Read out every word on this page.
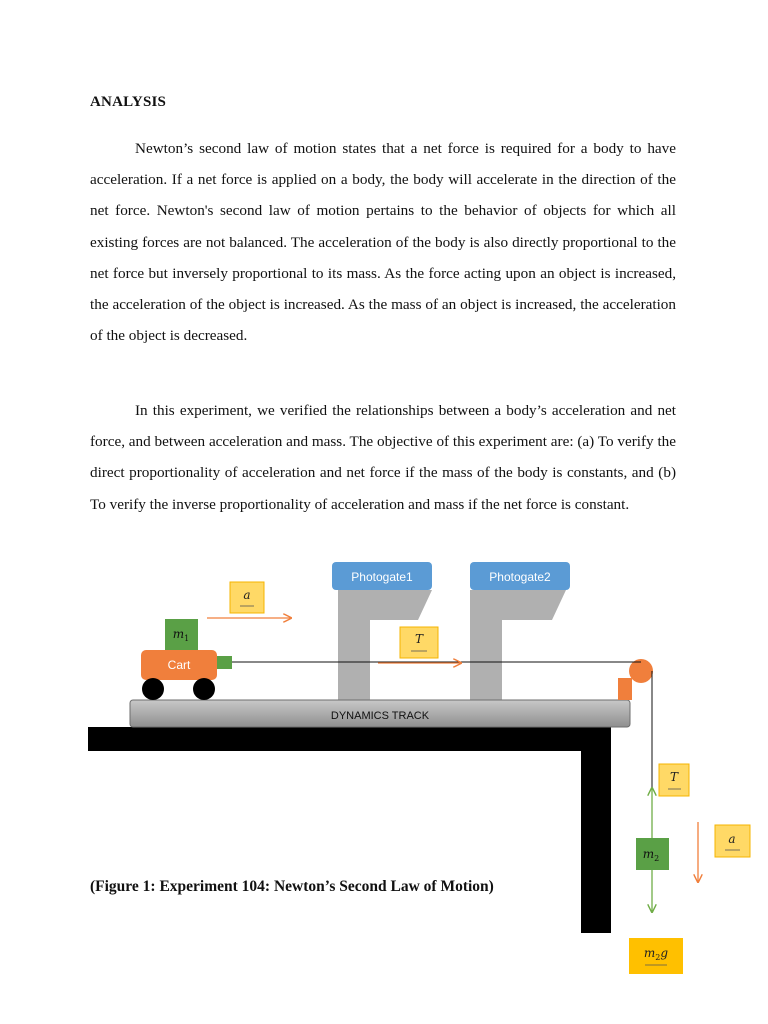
ANALYSIS

Newton’s second law of motion states that a net force is required for a body to have acceleration. If a net force is applied on a body, the body will accelerate in the direction of the net force. Newton's second law of motion pertains to the behavior of objects for which all existing forces are not balanced. The acceleration of the body is also directly proportional to the net force but inversely proportional to its mass. As the force acting upon an object is increased, the acceleration of the object is increased. As the mass of an object is increased, the acceleration of the object is decreased.

In this experiment, we verified the relationships between a body’s acceleration and net force, and between acceleration and mass. The objective of this experiment are: (a) To verify the direct proportionality of acceleration and net force if the mass of the body is constants, and (b) To verify the inverse proportionality of acceleration and mass if the net force is constant.

Photogate1	Photogate2
DYNAMICS TRACK
Cart
$m_1$
a
T
$m_2$
T
a
$m_2g$
(Figure 1: Experiment 104: Newton’s Second Law of Motion)
